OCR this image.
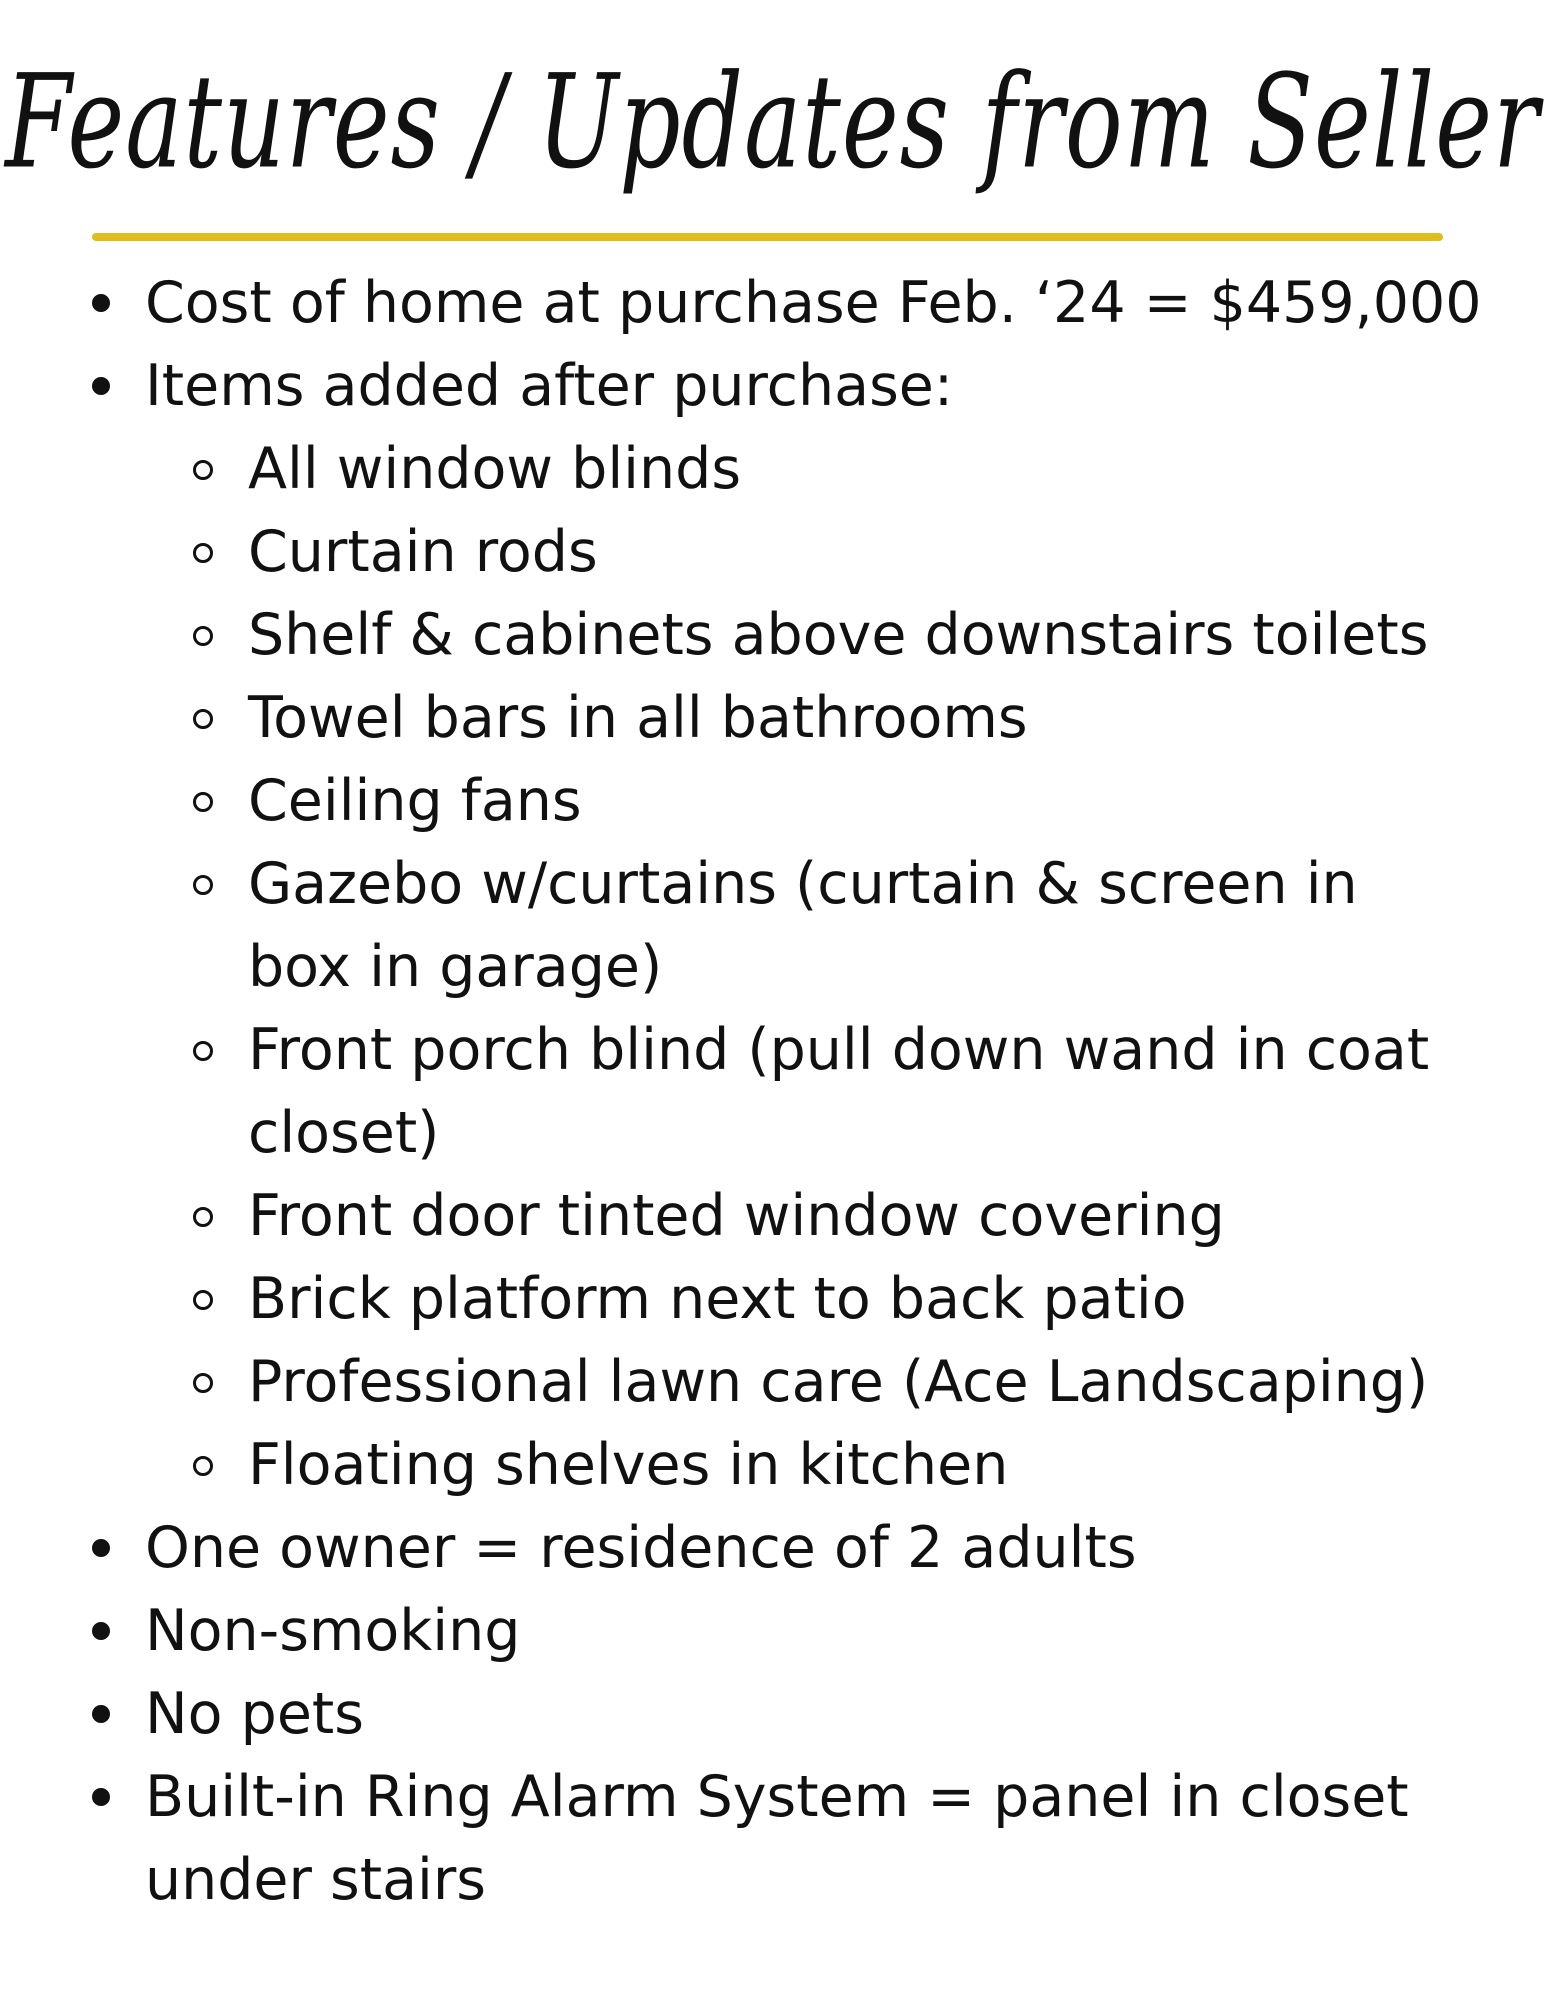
Features / Updates from Seller
Cost of home at purchase Feb. ‘24 = $459,000
Items added after purchase:
All window blinds
Curtain rods
Shelf & cabinets above downstairs toilets
Towel bars in all bathrooms
Ceiling fans
Gazebo w/curtains (curtain & screen in box in garage)
Front porch blind (pull down wand in coat closet)
Front door tinted window covering
Brick platform next to back patio
Professional lawn care (Ace Landscaping)
Floating shelves in kitchen
One owner = residence of 2 adults
Non-smoking
No pets
Built-in Ring Alarm System = panel in closet under stairs
